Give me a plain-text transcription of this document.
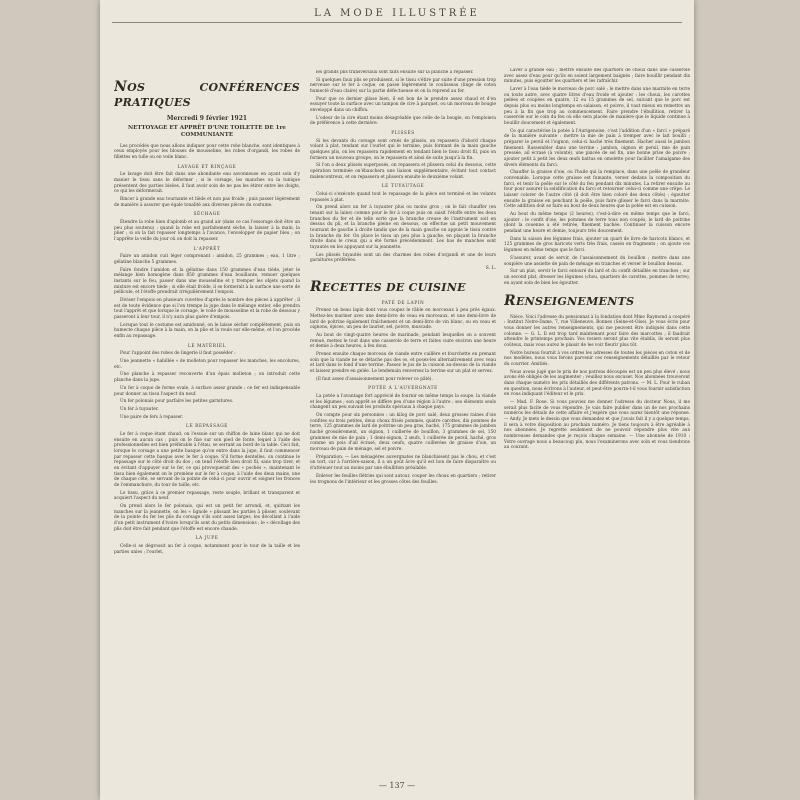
LA MODE ILLUSTRÉE
NOS CONFÉRENCES PRATIQUES
Mercredi 9 février 1921
NETTOYAGE ET APPRÊT D'UNE TOILETTE DE 1re COMMUNIANTE

Les procédés que nous allons indiquer pour cette robe blanche, sont identiques à ceux employés pour les blouses de mousseline, les robes d'organdi, les robes de fillettes en tulle ou en voile blanc.

LAVAGE ET RINÇAGE

Le lavage doit être fait dans une abondante eau savonneuse en ayant soin d'y manier le tissu sans le déformer ; si le corsage, les manches ou la tunique présentent des parties bisées, il faut avoir soin de ne pas les étirer entre les doigts, ce qui les déformerait.

Rincer à grande eau tournante et tiède et non pas froide ; puis passer légèrement de manière à assurer que égale tonalité aux diverses pièces du costume.

SÉCHAGE

Étendre la robe bien d'aplomb et au grand air (dans ce cas l'essorage doit être un peu plus soutenu) ; quand la robe est parfaitement sèche, la laisser à la main, la plier ; si on la fait repasser longtemps à l'avance, l'envelopper de papier bleu ; on l'apprête la veille du jour où on doit la repasser.

L'APPRÊT

Faire un amidon cuit léger comprenant : amidon, 25 grammes ; eau, 1 litre ; gélatine blanche 5 grammes.

Faire fondre l'amidon et la gélatine dans 150 grammes d'eau tiède, jeter le mélange bien homogène dans 850 grammes d'eau bouillante, remuer quelques instants sur le feu, passer dans une mousseline et y tremper les objets quand la mixture est encore tiède ; si elle était froide, il se formerait à la surface une sorte de pellicule, et l'étoffe prendrait irrégulièrement l'empois.

Diviser l'empois en plusieurs cuvettes d'après le nombre des pièces à apprêter ; il est de toute évidence que si l'on trempe la jupe dans le mélange entier, elle prendra tout l'apprêt et que lorsque le corsage, le voile de mousseline et la robe de dessous y passeront à leur tour, il n'y aura plus guère d'empois.

Lorsque tout le costume est amidonné, on le laisse sécher complètement, puis on humecte chaque pièce à la main, on la plie et la roule sur elle-même, et l'on procède enfin au repassage.

LE MATÉRIEL

Pour l'appoint des robes de lingerie il faut posséder :

Une jeannette « habillée » de molleton pour repasser les manches, les encolures, etc.

Une planche à repasser recouverte d'un épais molleton ; on introduit cette planche dans la jupe.

Un fer à coque de forme ovale, à surface assez grande ; ce fer est indispensable pour donner au tissu l'aspect du neuf.

Un fer polonais pour parfaire les petites garnitures.

Un fer à tuyauter.

Une paire de fers à repasser.

LE REPASSAGE

Le fer à coque étant chaud, on l'essuie sur un chiffon de laine blanc qui ne doit ensuite en aucun cas ; puis on le fixe sur son pied de fonte, lequel à l'aide des professionnelles est bien préférable à l'étau, se serrant au bord de la table. Ceci fait, lorsque le corsage a une petite basque qu'on entre dans la jupe, il faut commencer par repasser cette basque avec le fer à coque. S'il forme dentelles, on continue le repassage sur le côté droit du dos ; on tend l'étoffe bien droit fil, sans trop tirer, et en évitant d'appuyer sur le fer, ce qui provoquerait des « pochés », maintenant le tissu bien également on le promène sur le fer à coque, à l'aide des deux mains, une de chaque côté, se servant de la pointe de celui-ci pour ouvrir et soigner les fronces de l'emmanchure, du tour de taille, etc.

Le tissu, grâce à ce premier repassage, reste souple, brillant et transparent et acquiert l'aspect du neuf.

On prend alors le fer polonais, qui est un petit fer arrondi, et, quittant les manches sur la jeannette, on les « lignole » plissant les parties à plisser, soulevant de la pointe du fer les plis du corsage s'ils sont assez larges, les décollant à l'aide d'un petit instrument d'ivoire lorsqu'ils sont du petits dimensions ; le « décollage des plis doit être fait pendant que l'étoffe est encore chaude.

LA JUPE

Celle-ci se dégrossit au fer à coque, notamment pour le tour de la taille et les parties unies ; l'ourlet,

les grands plis transversaux sont faits ensuite sur la planche à repasser.

Si quelques faux plis se produisent, si le tissu s'étire par suite d'une pression trop nerveuse sur le fer à coque, on passe légèrement le coulisseau (linge de coton humecté d'eau claire) sur la partie défectueuse et on la reprend au fer.

Pour que ce dernier glisse bien, il est bon de le prendre assez chaud et d'en essuyer toute la surface avec un tampon de cire à parquet, ou un morceau de bougie enveloppé dans un chiffon.

L'odeur de la cire étant moins désagréable que celle de la bougie, on l'emploiera de préférence à cette dernière.

PLISSÉS

Si les devants du corsage sont ornés de plissés, on repassera d'abord chaque volant à plat, tendant sur l'ourlet qui le termine, puis formant de la main gauche quelques plis, on les repassera rapidement en tendant bien le tissu droit fil, puis on formera un nouveau groupe, on le repassera et ainsi de suite jusqu'à la fin.

Si l'on a deux plissés superposés, on repassera et plissera celui du dessous, cette opération terminée on'ébauchera une liaison supplémentaire, évitant tout contact malencontreux, et on repassera et plissera ensuite le deuxième volant.

LE TUYAUTAGE

Celui-ci s'exécute quand tout le repassage de la pièce est terminé et les volants repassés à plat.

On prend alors un fer à tuyauter plus ou moins gros ; on le fait chauffer (en tenant sur la laine) comme pour le fer à coque puis on saisit l'étoffe entre les deux branches du fer et de telle sorte que la branche creuse de l'instrument soit en dessus du pli, et la branche pleine en dessous, on effectue un petit mouvement tournant de gauche à droite tandis que de la main gauche on appuie le tissu contre la branche du fer. On place le tissu un peu plus à gauche, en plaçant la branche droite dans le creux qui a été formé précédemment. Les bas de manches sont tuyautés en les appuyant sur la jeannette.

Les plissés tuyautés sont un des charmes des robes d'organdi et une de leurs garnitures préférées.

S. L.
RECETTES DE CUISINE
PATÉ DE LAPIN

Prenez un beau lapin dont vous coupez le râble en morceaux à peu près égaux. Mettez-les mariner avec une demi-livre de veau en morceaux, et une demi-livre de lard de poitrine également fraîchement et un demi-litre de vin blanc, ou en veau et oignons, épices, un peu de laurier, sel, poivre, muscade.

Au bout de vingt-quatre heures de marinade, pendant lesquelles on a souvent remué, mettez le tout dans une casserole de terre et faites cuire environ une heure et demie à deux heures, à feu doux.

Prenez ensuite chaque morceau de viande entre cuillère et fourchette en prenant soin que la viande ne se détache pas des os, et posez-les alternativement avec veau et lard dans le fond d'une terrine. Passez le jus de la cuisson au-dessus de la viande et laissez prendre en gelée. Le lendemain renversez la terrine sur un plat et servez.

(Il faut assez d'assaisonnement pour relever ce pâté).

POTÉE A L'AUVERGNATE

La potée a l'avantage fort apprécié de fournir en même temps la soupe, la viande et les légumes ; son apprêt se diffère peu d'une région à l'autre ; ses éléments seuls changent un peu suivant les produits spéciaux à chaque pays.

On compte pour six personnes : un kilog de porc salé, deux grosses raines d'oie confites ou trois petites, deux choux frisés pommés, quatre carottes, dix pommes de terre, 125 grammes de lard de poitrine un peu gras, haché, 175 grammes de jambon haché grossièrement, un oignon, 1 cuillerée de bouillon, 3 grammes de sel, 150 grammes de mie de pain ; 1 demi-oignon, 2 œufs, 1 cuillerée de persil, haché, gros comme un pois d'ail écrasé, deux oeufs, quatre cuillerées de graisse d'oie, un morceau de pain de ménage, sel et poivre.

Préparation. — Les ménagères auvergnates ne blanchissent pas le chou, et c'est un tort, car à l'arrière-saison, il a un goût âcre qu'il est bon de faire disparaître ou d'atténuer tout au moins par une ébullition préalable.

Enlever les feuilles flétries qui sont autour, couper les choux en quartiers ; retirer les trognons de l'intérieur et les grosses côtes des feuilles.

Laver à grande eau ; mettre ensuite des quartiers de choux dans une casserole avec assez d'eau pour qu'ils en soient largement baignés ; faire bouillir pendant dix minutes, puis égoutter les quartiers et les rafraîchir.

Laver à l'eau tiède le morceau de porc salé ; le mettre dans une marmite en terre ou toute autre, avec quatre litres d'eau froide et ajouter : les choux, les carottes pelées et coupées en quatre, 12 ou 15 grammes de sel, suivant que le porc est depuis plus ou moins longtemps en salaison, et poivre, il vaut mieux en remettre un peu à la fin que trop au commencement. Faire prendre l'ébullition, retirer la casserole sur le coin du feu où elle sera placée de manière que le liquide continue à bouillir doucement et également.

Ce qui caractérise la potée à l'Aurigenoise, c'est l'addition d'un « farci » préparé de la manière suivante : mettre la mie de pain à tremper avec le lait bouilli ; préparer le persil et l'oignon, celui-ci haché très finement. Hacher aussi le jambon finement. Rassembler dans une terrine : jambon, oignon et persil, mie de pain pressée, ail écrasé (à volonté), une pincée de sel fin, une bonne prise de poivre ; ajouter petit à petit les deux œufs battus en omelette pour faciliter l'amalgame des divers éléments du farci.

Chauffer la graisse d'oie, ou l'huile qui la remplace, dans une poêle de grandeur convenable. Lorsque cette graisse est fumante, verser dedans la composition du farci, et tenir la poêle sur le côté du feu pendant dix minutes. La retirer ensuite au four pour assurer la solidification du farci et retourner celui-ci comme une crêpe. Le laisser colorer de l'autre côté (il doit être bien coloré des deux côtés) ; égoutter ensuite la graisse en penchant la poêle, puis faire glisser le farci dans la marmite. Cette addition doit se faire au bout de deux heures que la potée est en cuisson.

Au bout du même temps (2 heures), c'est-à-dire en même temps que le farci, ajouter : le confit d'oie, les pommes de terre tous non coupés, le lard de poitrine (dont la couenne a été retirée, finement hachée. Continuer la cuisson encore pendant une heure et demie, toujours très doucement.

Dans la saison des légumes frais, ajouter un quart de livre de haricots blancs, et 125 grammes de gros haricots verts très frais, cassés en fragments ; on ajoute ces légumes en même temps que le farci.

S'assurer, avant de servir, de l'assaisonnement du bouillon ; mettre dans une soupière une assiette de pain de ménage en tranches et verser le bouillon dessus.

Sur un plat, servir le farci entouré du lard et du confit détaillés en tranches ; sur un second plat, dresser les légumes (chou, quartiers de carottes, pommes de terre), en ayant soin de bien les égoutter.

RENSEIGNEMENTS

Nièce. Voici l'adresse du pensionnat à la fondation dont Mme Raymond a coopéré : Institut Notre-Dame, 7, rue Villeneuve, Bonnes (Seine-et-Oise). Je vous écris pour vous donner les autres renseignements, qui me peuvent être indiqués dans cette colonne. — G. L. Il est trop tard maintenant pour faire des marcottes ; il faudrait attendre le printemps prochain. Vos rosiers seront plus vite établis, ils seront plus coûteux, mais vous aurez le plaisir de les voir fleurir plus tôt.

Notre bureau fournit à vos ordres les adresses de toutes les pièces en coton et de nos modèles, nous vous ferons parvenir ces renseignements détaillés par le retour du courrier. Amitiés.

Nous avons jugé que le prix de nos patrons découpés est un peu plus élevé ; nous avons été obligés de les augmenter ; veuillez nous excuser. Nos abonnées trouveront dans chaque numéro les prix détaillés des différents patrons. — M. L. Pour le ruban en question, nous écrirons à l'auteur, et peut-être pourra-t-il vous fournir satisfaction en vous indiquant l'éditeur et le prix.

— Mad. F. Rose. Si vous pouviez me donner l'adresse du docteur Nous, il me serait plus facile de vous répondre. Je vais faire publier dans un de nos prochains numéros les détails de cette affaire et j'espère que vous aurez bientôt une réponse. — Andy. Je mets le dessin que vous demandez et que j'avais fait il y a quelque temps, il sera à votre disposition au prochain numéro. Je tiens toujours à être agréable à nos abonnées. Je regrette seulement de ne pouvoir répondre plus vite aux nombreuses demandes que je reçois chaque semaine. — Une abonnée de 1910 : Votre ouvrage nous a beaucoup plu, nous l'examinerons avec soin et vous tiendrons au courant.

— 137 —
